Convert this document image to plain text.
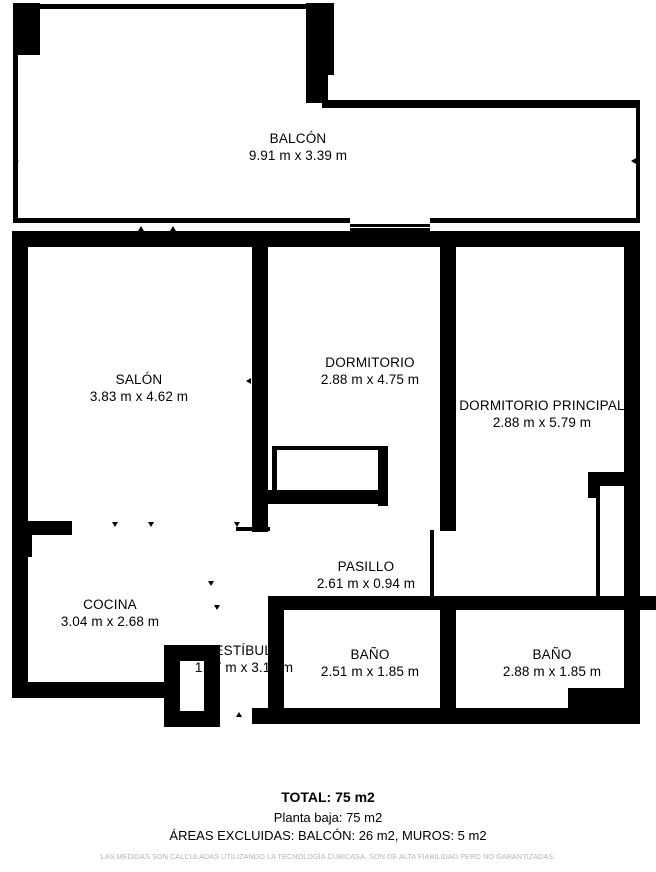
BALCÓN
9.91 m x 3.39 m
SALÓN
3.83 m x 4.62 m
DORMITORIO
2.88 m x 4.75 m
DORMITORIO PRINCIPAL
2.88 m x 5.79 m
PASILLO
2.61 m x 0.94 m
COCINA
3.04 m x 2.68 m
VESTÍBULO
1.17 m x 3.12 m
BAÑO
2.51 m x 1.85 m
BAÑO
2.88 m x 1.85 m
TOTAL: 75 m2
Planta baja: 75 m2
ÁREAS EXCLUIDAS: BALCÓN: 26 m2, MUROS: 5 m2
LAS MEDIDAS SON CALCULADAS UTILIZANDO LA TECNOLOGÍA CUBICASA. SON DE ALTA FIABILIDAD PERO NO GARANTIZADAS.
